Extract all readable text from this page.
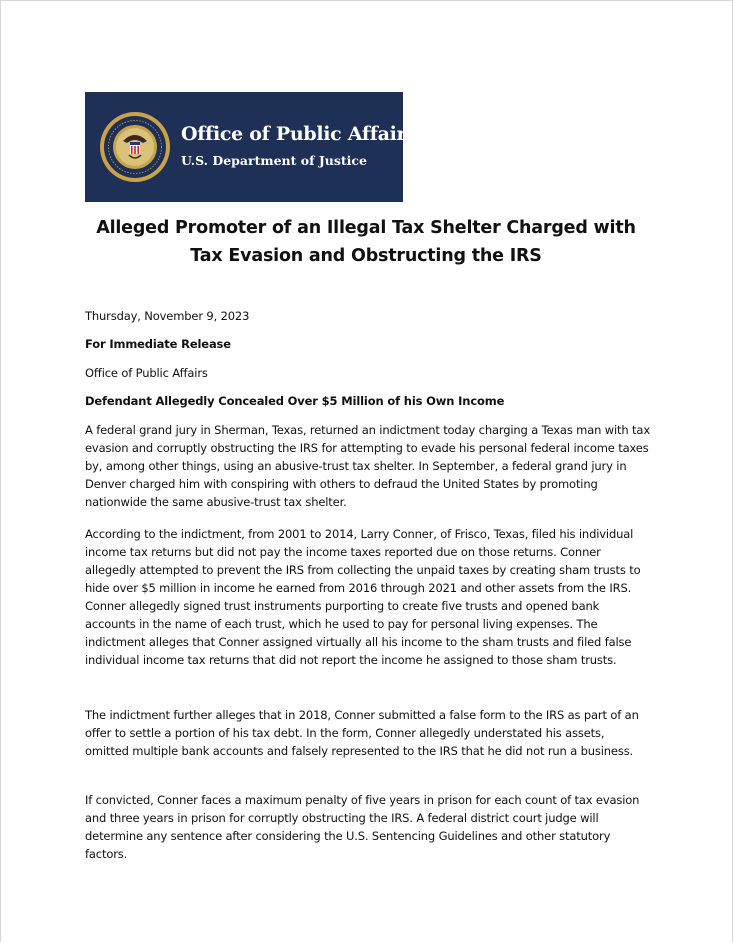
Office of Public Affairs
U.S. Department of Justice
Alleged Promoter of an Illegal Tax Shelter Charged with Tax Evasion and Obstructing the IRS
Thursday, November 9, 2023
For Immediate Release
Office of Public Affairs
Defendant Allegedly Concealed Over $5 Million of his Own Income

A federal grand jury in Sherman, Texas, returned an indictment today charging a Texas man with tax evasion and corruptly obstructing the IRS for attempting to evade his personal federal income taxes by, among other things, using an abusive-trust tax shelter. In September, a federal grand jury in Denver charged him with conspiring with others to defraud the United States by promoting nationwide the same abusive-trust tax shelter.

According to the indictment, from 2001 to 2014, Larry Conner, of Frisco, Texas, filed his individual income tax returns but did not pay the income taxes reported due on those returns. Conner allegedly attempted to prevent the IRS from collecting the unpaid taxes by creating sham trusts to hide over $5 million in income he earned from 2016 through 2021 and other assets from the IRS. Conner allegedly signed trust instruments purporting to create five trusts and opened bank accounts in the name of each trust, which he used to pay for personal living expenses. The indictment alleges that Conner assigned virtually all his income to the sham trusts and filed false individual income tax returns that did not report the income he assigned to those sham trusts.

The indictment further alleges that in 2018, Conner submitted a false form to the IRS as part of an offer to settle a portion of his tax debt. In the form, Conner allegedly understated his assets, omitted multiple bank accounts and falsely represented to the IRS that he did not run a business.

If convicted, Conner faces a maximum penalty of five years in prison for each count of tax evasion and three years in prison for corruptly obstructing the IRS. A federal district court judge will determine any sentence after considering the U.S. Sentencing Guidelines and other statutory factors.
